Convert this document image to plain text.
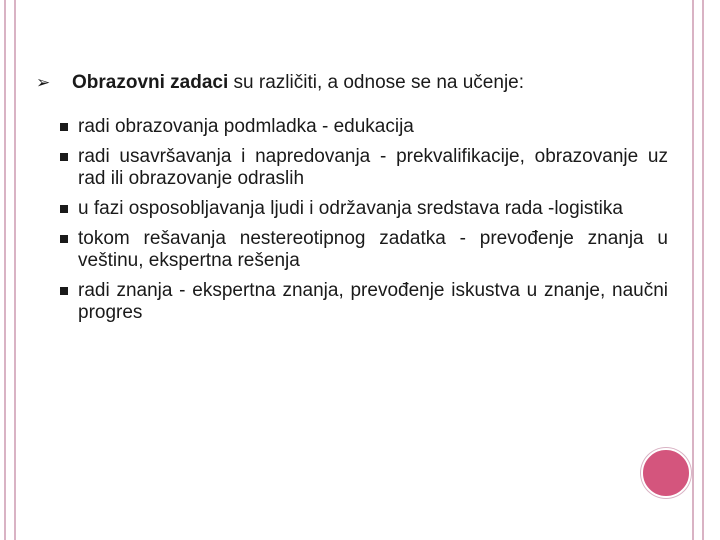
➢	Obrazovni zadaci su različiti, a odnose se na učenje:
radi obrazovanja podmladka - edukacija
radi usavršavanja i napredovanja - prekvalifikacije, obrazovanje uz rad ili obrazovanje odraslih
u fazi osposobljavanja ljudi i održavanja sredstava rada -logistika
tokom rešavanja nestereotipnog zadatka - prevođenje znanja u veštinu, ekspertna rešenja
radi znanja - ekspertna znanja, prevođenje iskustva u znanje, naučni progres
